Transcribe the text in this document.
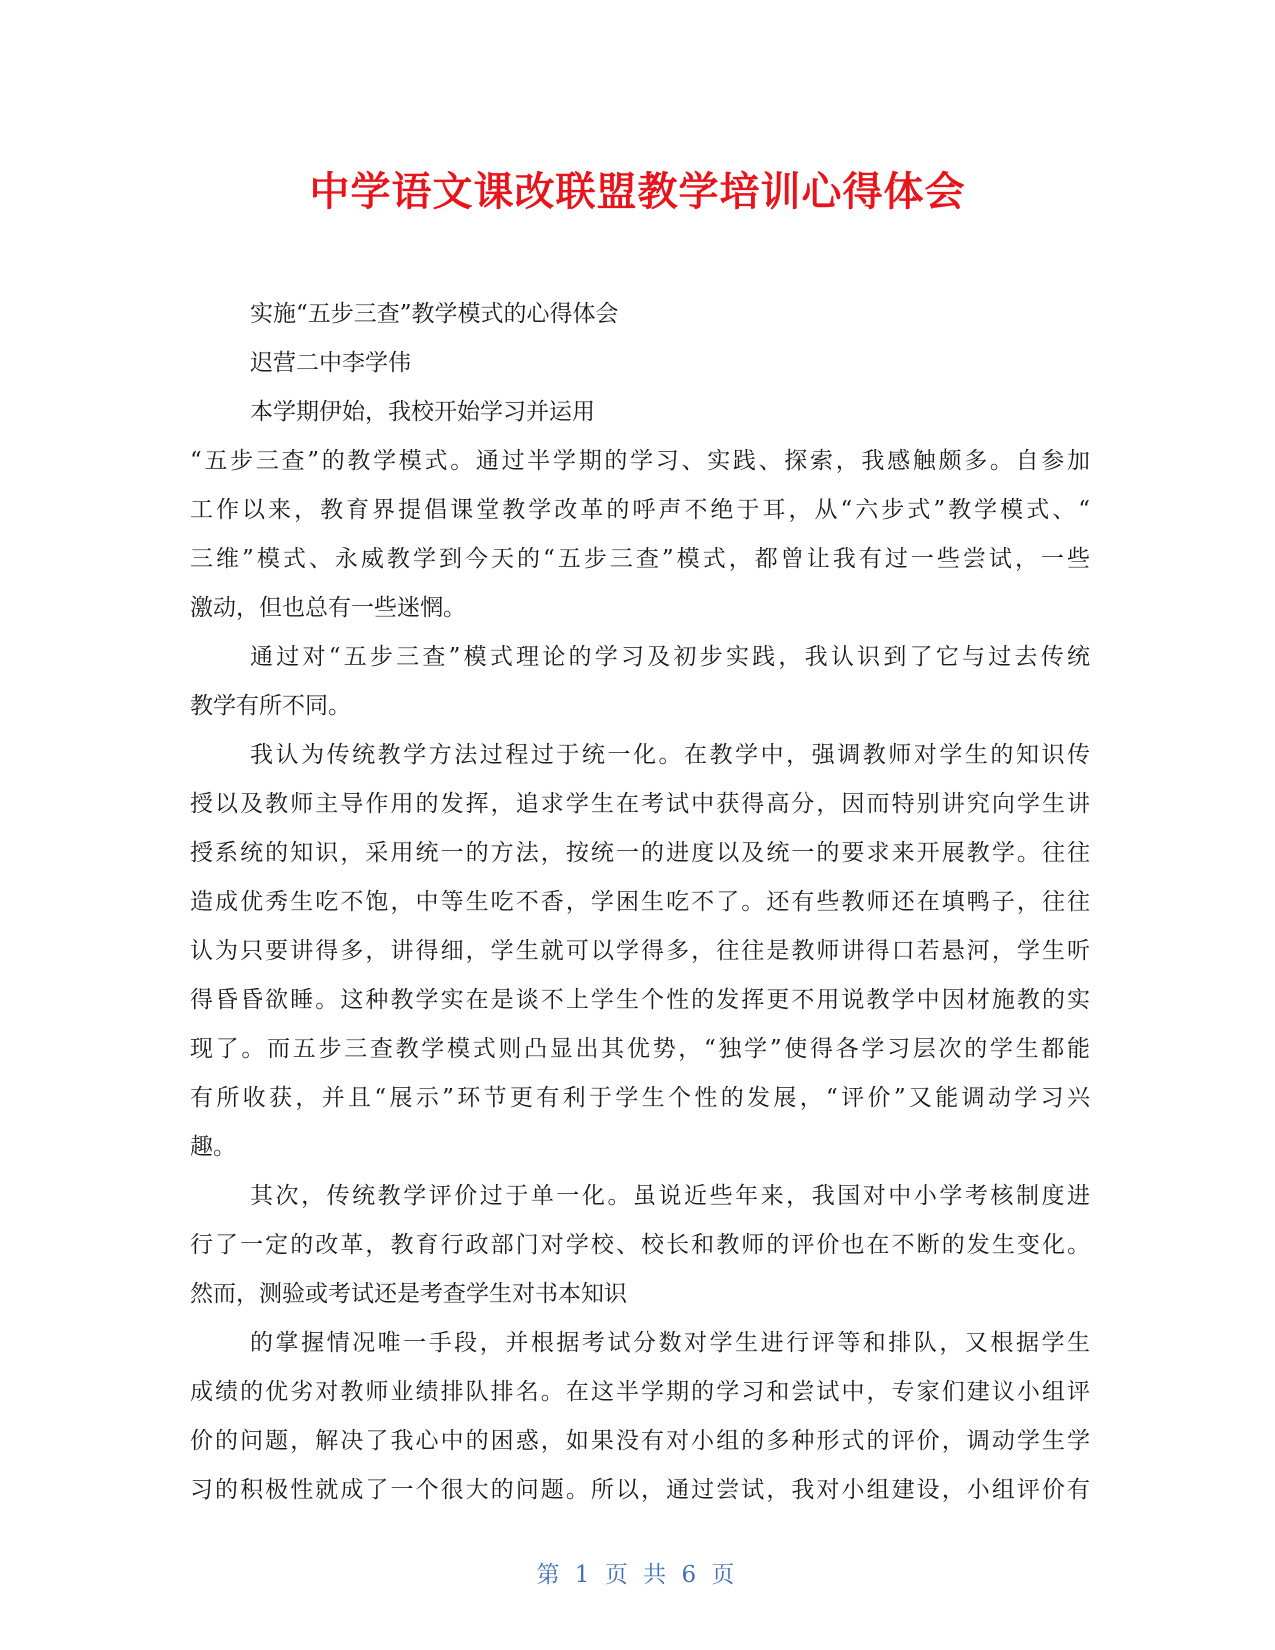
中学语文课改联盟教学培训心得体会
实施“五步三查”教学模式的心得体会
迟营二中李学伟
本学期伊始，我校开始学习并运用
“五步三查”的教学模式。通过半学期的学习、实践、探索，我感触颇多。自参加
工作以来，教育界提倡课堂教学改革的呼声不绝于耳，从“六步式”教学模式、“
三维”模式、永威教学到今天的“五步三查”模式，都曾让我有过一些尝试，一些
激动，但也总有一些迷惘。
通过对“五步三查”模式理论的学习及初步实践，我认识到了它与过去传统
教学有所不同。
我认为传统教学方法过程过于统一化。在教学中，强调教师对学生的知识传
授以及教师主导作用的发挥，追求学生在考试中获得高分，因而特别讲究向学生讲
授系统的知识，采用统一的方法，按统一的进度以及统一的要求来开展教学。往往
造成优秀生吃不饱，中等生吃不香，学困生吃不了。还有些教师还在填鸭子，往往
认为只要讲得多，讲得细，学生就可以学得多，往往是教师讲得口若悬河，学生听
得昏昏欲睡。这种教学实在是谈不上学生个性的发挥更不用说教学中因材施教的实
现了。而五步三查教学模式则凸显出其优势，“独学”使得各学习层次的学生都能
有所收获，并且“展示”环节更有利于学生个性的发展，“评价”又能调动学习兴
趣。
其次，传统教学评价过于单一化。虽说近些年来，我国对中小学考核制度进
行了一定的改革，教育行政部门对学校、校长和教师的评价也在不断的发生变化。
然而，测验或考试还是考查学生对书本知识
的掌握情况唯一手段，并根据考试分数对学生进行评等和排队，又根据学生
成绩的优劣对教师业绩排队排名。在这半学期的学习和尝试中，专家们建议小组评
价的问题，解决了我心中的困惑，如果没有对小组的多种形式的评价，调动学生学
习的积极性就成了一个很大的问题。所以，通过尝试，我对小组建设，小组评价有
第 1 页 共 6 页
